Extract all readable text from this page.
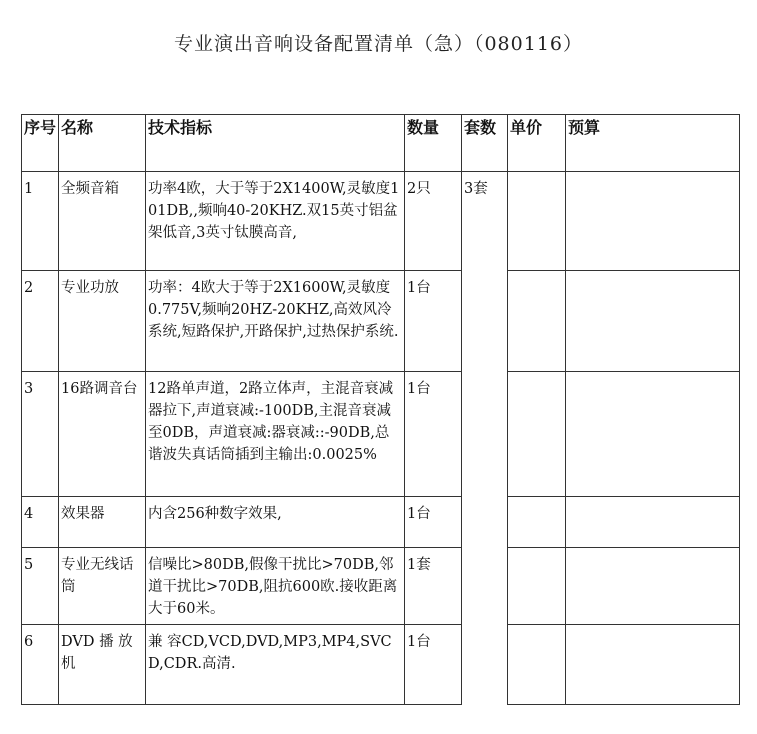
专业演出音响设备配置清单（急）（080116）
序号	名称	技术指标	数量	套数	单价	预算
1	全频音箱	功率4欧，大于等于2X1400W,灵敏度101DB,,频响40-20KHZ.双15英寸铝盆架低音,3英寸钛膜高音,	2只	3套		
2	专业功放	功率：4欧大于等于2X1600W,灵敏度0.775V,频响20HZ-20KHZ,高效风冷系统,短路保护,开路保护,过热保护系统.	1台			
3	16路调音台	12路单声道，2路立体声，主混音衰减器拉下,声道衰减:-100DB,主混音衰减至0DB，声道衰减:器衰减::-90DB,总谐波失真话筒插到主输出:0.0025%	1台			
4	效果器	内含256种数字效果,	1台			
5	专业无线话筒	信噪比>80DB,假像干扰比>70DB,邻道干扰比>70DB,阻抗600欧.接收距离大于60米。	1套			
6	DVD 播 放机	兼 容CD,VCD,DVD,MP3,MP4,SVCD,CDR.高清.	1台			
